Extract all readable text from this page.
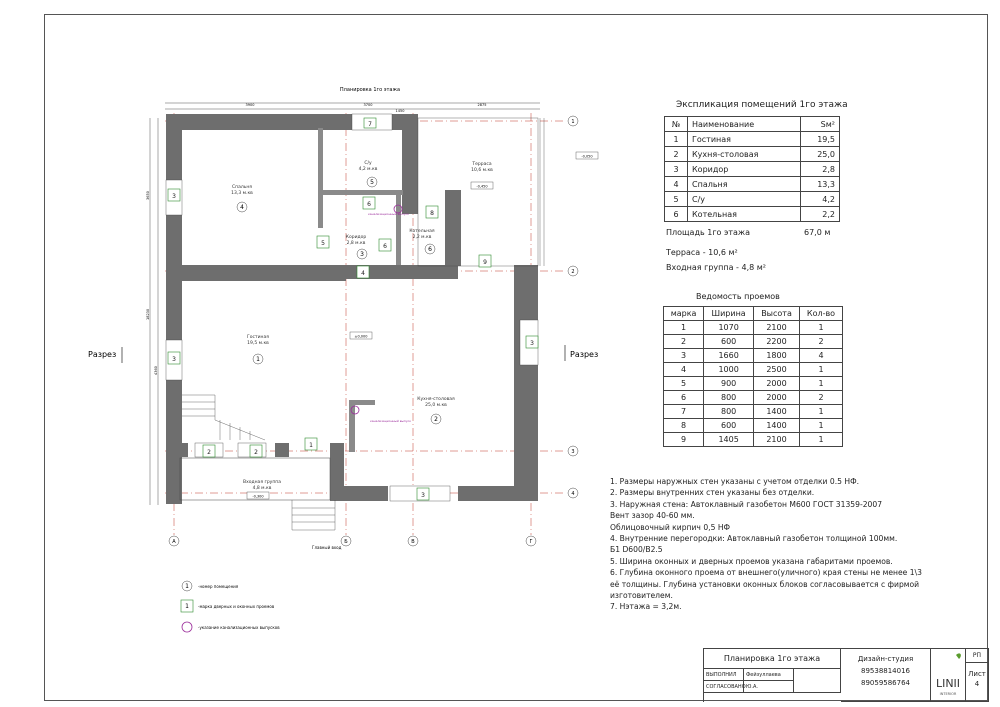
Планировка 1го этажа
3900	3700	2875
1450
3650
18230
4360
А	Б	В	Г
1
2
3
4
Спальня
13,3 м.кв
С/у
4,2 м.кв
Коридор
2,8 м.кв
Котельная
2,2 м.кв
Гостиная
19,5 м.кв
Кухня-столовая
25,0 м.кв
Терраса
10,6 м.кв
Входная группа
4,8 м.кв
4
5
3
6
1
2
±0,000
-0,050
-0,450
-0,300
7
3
6
8
4
9
3
3
5	6
2	2
1
3
канализационный выпуск
канализационный выпуск
Разрез	Разрез
Главный вход
1 -номер помещения
1 -марка дверных и оконных проемов
-указание канализационных выпусков
Экспликация помещений 1го этажа
№	Наименование	Sм²
1	Гостиная	19,5
2	Кухня-столовая	25,0
3	Коридор	2,8
4	Спальня	13,3
5	С/у	4,2
6	Котельная	2,2
Площадь 1го этажа	67,0 м
Терраса - 10,6 м²
Входная группа - 4,8 м²
Ведомость проемов
марка	Ширина	Высота	Кол-во
1	1070	2100	1
2	600	2200	2
3	1660	1800	4
4	1000	2500	1
5	900	2000	1
6	800	2000	2
7	800	1400	1
8	600	1400	1
9	1405	2100	1
1. Размеры наружных стен указаны с учетом отделки 0.5 НФ.
2. Размеры внутренних стен указаны без отделки.
3. Наружная стена: Автоклавный газобетон М600 ГОСТ 31359-2007
Вент зазор 40-60 мм.
Облицовочный кирпич 0,5 НФ
4. Внутренние перегородки: Автоклавный газобетон толщиной 100мм.
Б1 D600/B2.5
5. Ширина оконных и дверных проемов указана габаритами проемов.
6. Глубина оконного проема от внешнего(уличного) края стены не менее 1\3
её толщины. Глубина установки оконных блоков согласовывается с фирмой
изготовителем.
7. Нэтажа = 3,2м.
Планировка 1го этажа
ВЫПОЛНИЛ	Фейзуллаева Ю.А.
СОГЛАСОВАНО
Дизайн-студия
89538814016
89059586764	LINII
INTERIOR
РП
Лист
4
